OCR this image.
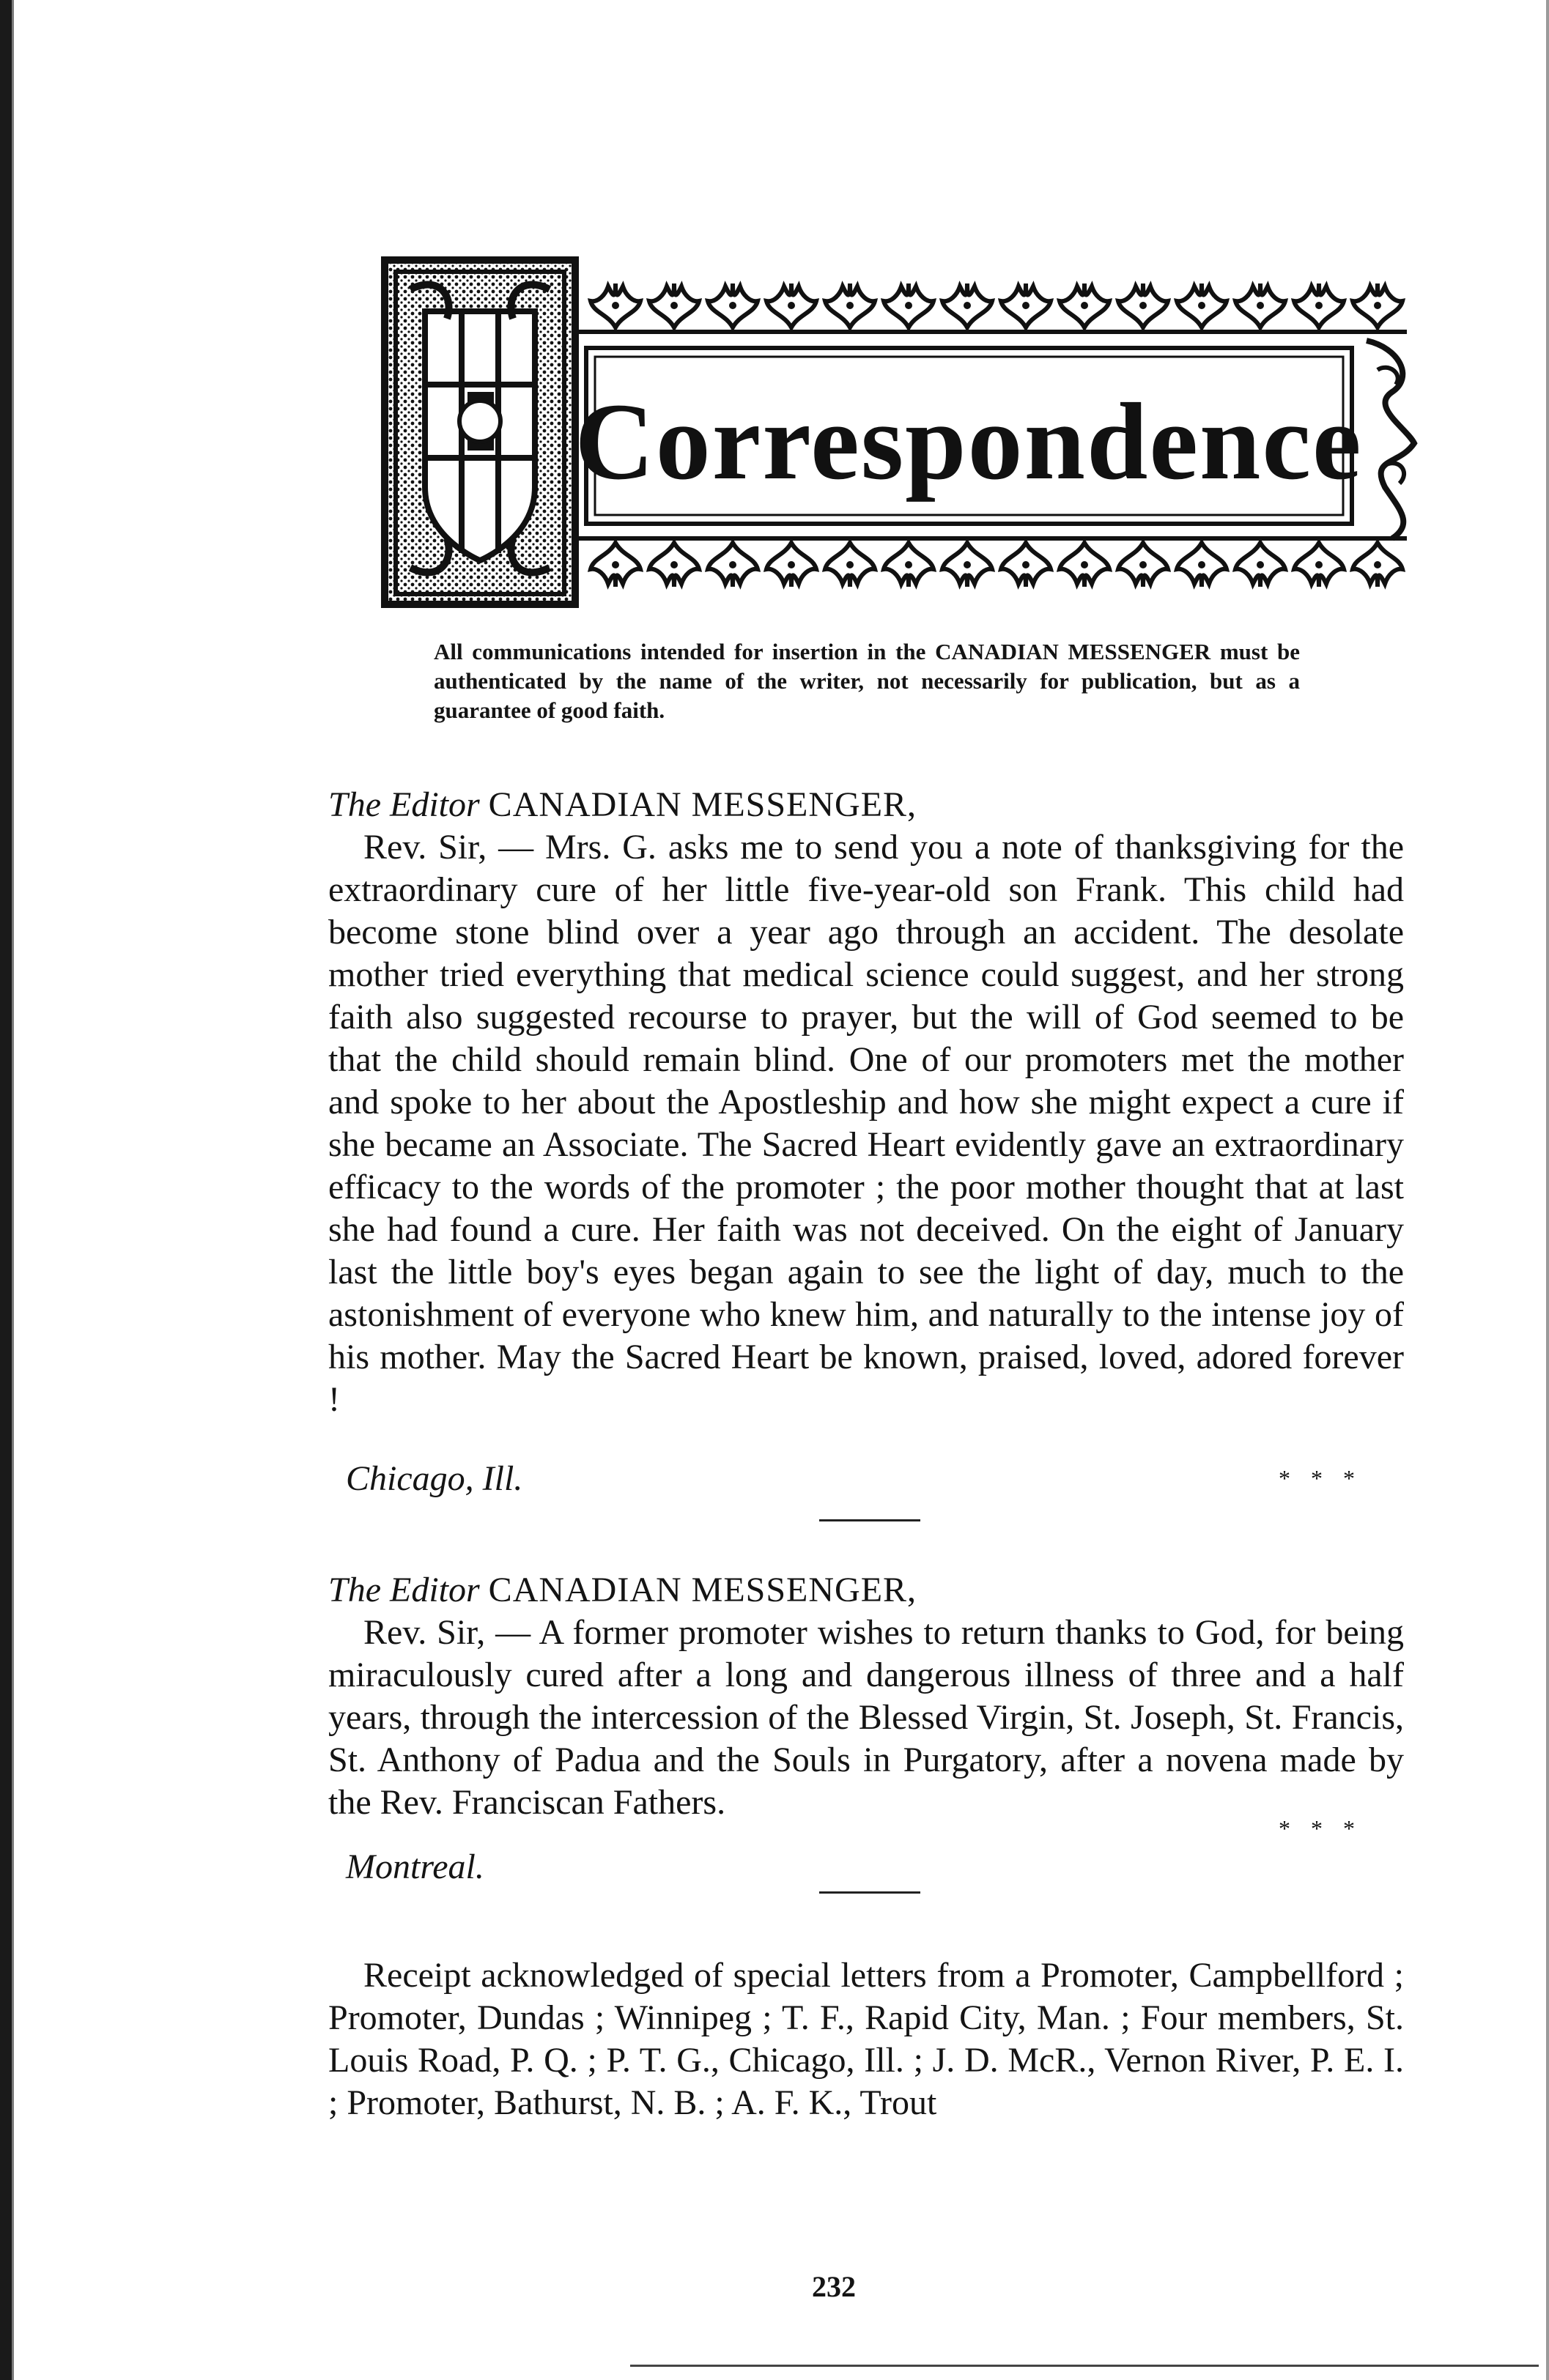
Correspondence
All communications intended for insertion in the CANADIAN MESSENGER must be authenticated by the name of the writer, not necessarily for publication, but as a guarantee of good faith.
The Editor CANADIAN MESSENGER,

Rev. Sir, — Mrs. G. asks me to send you a note of thanksgiving for the extraordinary cure of her little five-year-old son Frank. This child had become stone blind over a year ago through an accident. The desolate mother tried everything that medical science could suggest, and her strong faith also suggested recourse to prayer, but the will of God seemed to be that the child should remain blind. One of our promoters met the mother and spoke to her about the Apostleship and how she might expect a cure if she became an Associate. The Sacred Heart evidently gave an extraordinary efficacy to the words of the promoter ; the poor mother thought that at last she had found a cure. Her faith was not deceived. On the eight of January last the little boy's eyes began again to see the light of day, much to the astonishment of everyone who knew him, and naturally to the intense joy of his mother. May the Sacred Heart be known, praised, loved, adored forever !

Chicago, Ill.	* * *
The Editor CANADIAN MESSENGER,

Rev. Sir, — A former promoter wishes to return thanks to God, for being miraculously cured after a long and dangerous illness of three and a half years, through the intercession of the Blessed Virgin, St. Joseph, St. Francis, St. Anthony of Padua and the Souls in Purgatory, after a novena made by the Rev. Franciscan Fathers.

* * *
Montreal.

Receipt acknowledged of special letters from a Promoter, Campbellford ; Promoter, Dundas ; Winnipeg ; T. F., Rapid City, Man. ; Four members, St. Louis Road, P. Q. ; P. T. G., Chicago, Ill. ; J. D. McR., Vernon River, P. E. I. ; Promoter, Bathurst, N. B. ; A. F. K., Trout

232
